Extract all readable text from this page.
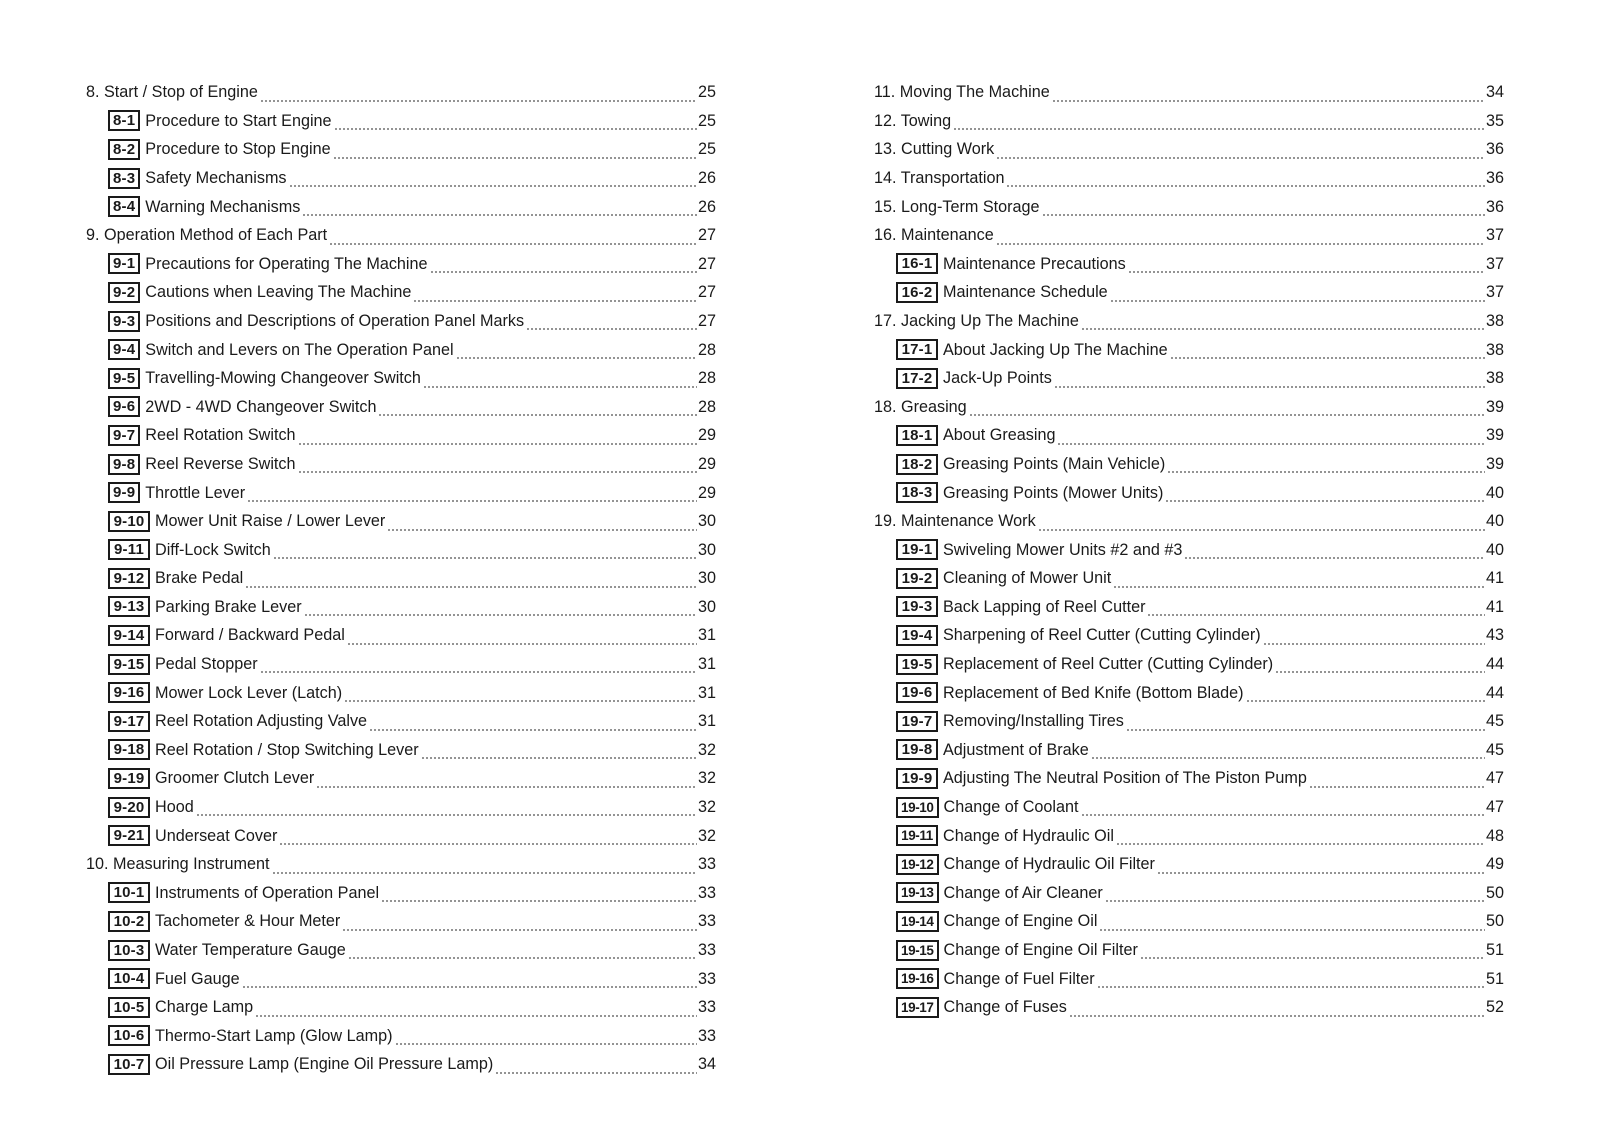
8. Start / Stop of Engine	25
8-1 Procedure to Start Engine	25
8-2 Procedure to Stop Engine	25
8-3 Safety Mechanisms	26
8-4 Warning Mechanisms	26
9. Operation Method of Each Part	27
9-1 Precautions for Operating The Machine	27
9-2 Cautions when Leaving The Machine	27
9-3 Positions and Descriptions of Operation Panel Marks	27
9-4 Switch and Levers on The Operation Panel	28
9-5 Travelling-Mowing Changeover Switch	28
9-6 2WD - 4WD Changeover Switch	28
9-7 Reel Rotation Switch	29
9-8 Reel Reverse Switch	29
9-9 Throttle Lever	29
9-10 Mower Unit Raise / Lower Lever	30
9-11 Diff-Lock Switch	30
9-12 Brake Pedal	30
9-13 Parking Brake Lever	30
9-14 Forward / Backward Pedal	31
9-15 Pedal Stopper	31
9-16 Mower Lock Lever (Latch)	31
9-17 Reel Rotation Adjusting Valve	31
9-18 Reel Rotation / Stop Switching Lever	32
9-19 Groomer Clutch Lever	32
9-20 Hood	32
9-21 Underseat Cover	32
10. Measuring Instrument	33
10-1 Instruments of Operation Panel	33
10-2 Tachometer & Hour Meter	33
10-3 Water Temperature Gauge	33
10-4 Fuel Gauge	33
10-5 Charge Lamp	33
10-6 Thermo-Start Lamp (Glow Lamp)	33
10-7 Oil Pressure Lamp (Engine Oil Pressure Lamp)	34
11. Moving The Machine	34
12. Towing	35
13. Cutting Work	36
14. Transportation	36
15. Long-Term Storage	36
16. Maintenance	37
16-1 Maintenance Precautions	37
16-2 Maintenance Schedule	37
17. Jacking Up The Machine	38
17-1 About Jacking Up The Machine	38
17-2 Jack-Up Points	38
18. Greasing	39
18-1 About Greasing	39
18-2 Greasing Points (Main Vehicle)	39
18-3 Greasing Points (Mower Units)	40
19. Maintenance Work	40
19-1 Swiveling Mower Units #2 and #3	40
19-2 Cleaning of Mower Unit	41
19-3 Back Lapping of Reel Cutter	41
19-4 Sharpening of Reel Cutter (Cutting Cylinder)	43
19-5 Replacement of Reel Cutter (Cutting Cylinder)	44
19-6 Replacement of Bed Knife (Bottom Blade)	44
19-7 Removing/Installing Tires	45
19-8 Adjustment of Brake	45
19-9 Adjusting The Neutral Position of The Piston Pump	47
19-10 Change of Coolant	47
19-11 Change of Hydraulic Oil	48
19-12 Change of Hydraulic Oil Filter	49
19-13 Change of Air Cleaner	50
19-14 Change of Engine Oil	50
19-15 Change of Engine Oil Filter	51
19-16 Change of Fuel Filter	51
19-17 Change of Fuses	52
